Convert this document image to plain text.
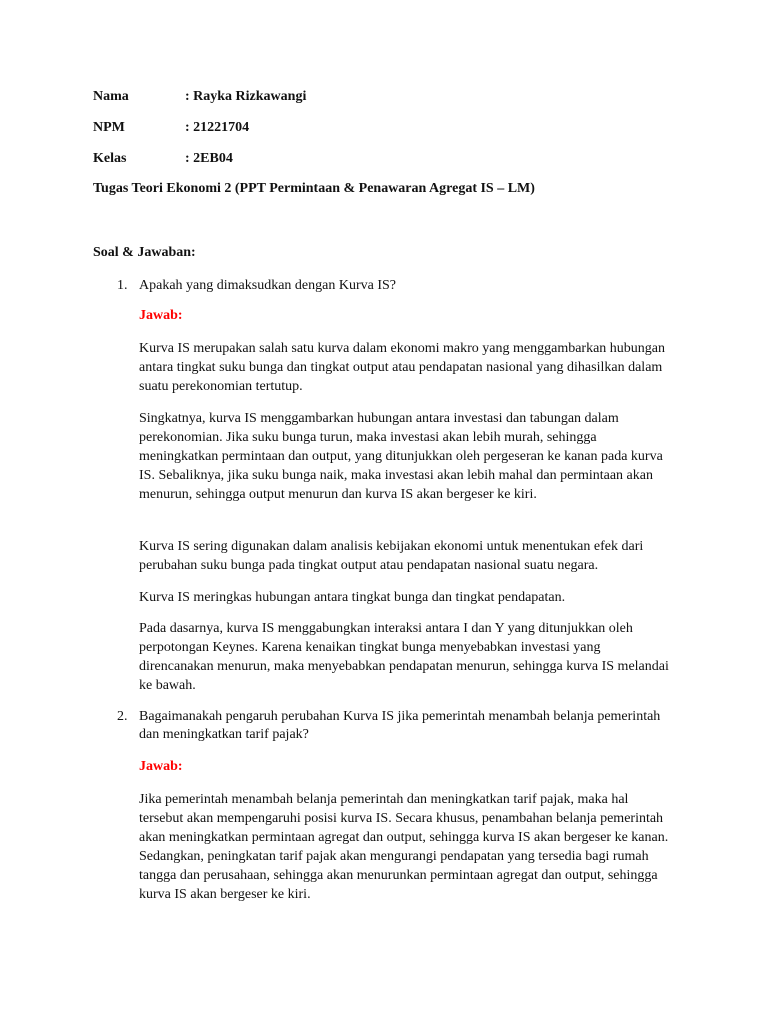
Nama	: Rayka Rizkawangi
NPM	: 21221704
Kelas	: 2EB04
Tugas Teori Ekonomi 2 (PPT Permintaan & Penawaran Agregat IS – LM)
Soal & Jawaban:
1. Apakah yang dimaksudkan dengan Kurva IS?
Jawab:

Kurva IS merupakan salah satu kurva dalam ekonomi makro yang menggambarkan hubungan antara tingkat suku bunga dan tingkat output atau pendapatan nasional yang dihasilkan dalam suatu perekonomian tertutup.

Singkatnya, kurva IS menggambarkan hubungan antara investasi dan tabungan dalam perekonomian. Jika suku bunga turun, maka investasi akan lebih murah, sehingga meningkatkan permintaan dan output, yang ditunjukkan oleh pergeseran ke kanan pada kurva IS. Sebaliknya, jika suku bunga naik, maka investasi akan lebih mahal dan permintaan akan menurun, sehingga output menurun dan kurva IS akan bergeser ke kiri.

Kurva IS sering digunakan dalam analisis kebijakan ekonomi untuk menentukan efek dari perubahan suku bunga pada tingkat output atau pendapatan nasional suatu negara.

Kurva IS meringkas hubungan antara tingkat bunga dan tingkat pendapatan.

Pada dasarnya, kurva IS menggabungkan interaksi antara I dan Y yang ditunjukkan oleh perpotongan Keynes. Karena kenaikan tingkat bunga menyebabkan investasi yang direncanakan menurun, maka menyebabkan pendapatan menurun, sehingga kurva IS melandai ke bawah.

2. Bagaimanakah pengaruh perubahan Kurva IS jika pemerintah menambah belanja pemerintah dan meningkatkan tarif pajak?
Jawab:

Jika pemerintah menambah belanja pemerintah dan meningkatkan tarif pajak, maka hal tersebut akan mempengaruhi posisi kurva IS. Secara khusus, penambahan belanja pemerintah akan meningkatkan permintaan agregat dan output, sehingga kurva IS akan bergeser ke kanan. Sedangkan, peningkatan tarif pajak akan mengurangi pendapatan yang tersedia bagi rumah tangga dan perusahaan, sehingga akan menurunkan permintaan agregat dan output, sehingga kurva IS akan bergeser ke kiri.
